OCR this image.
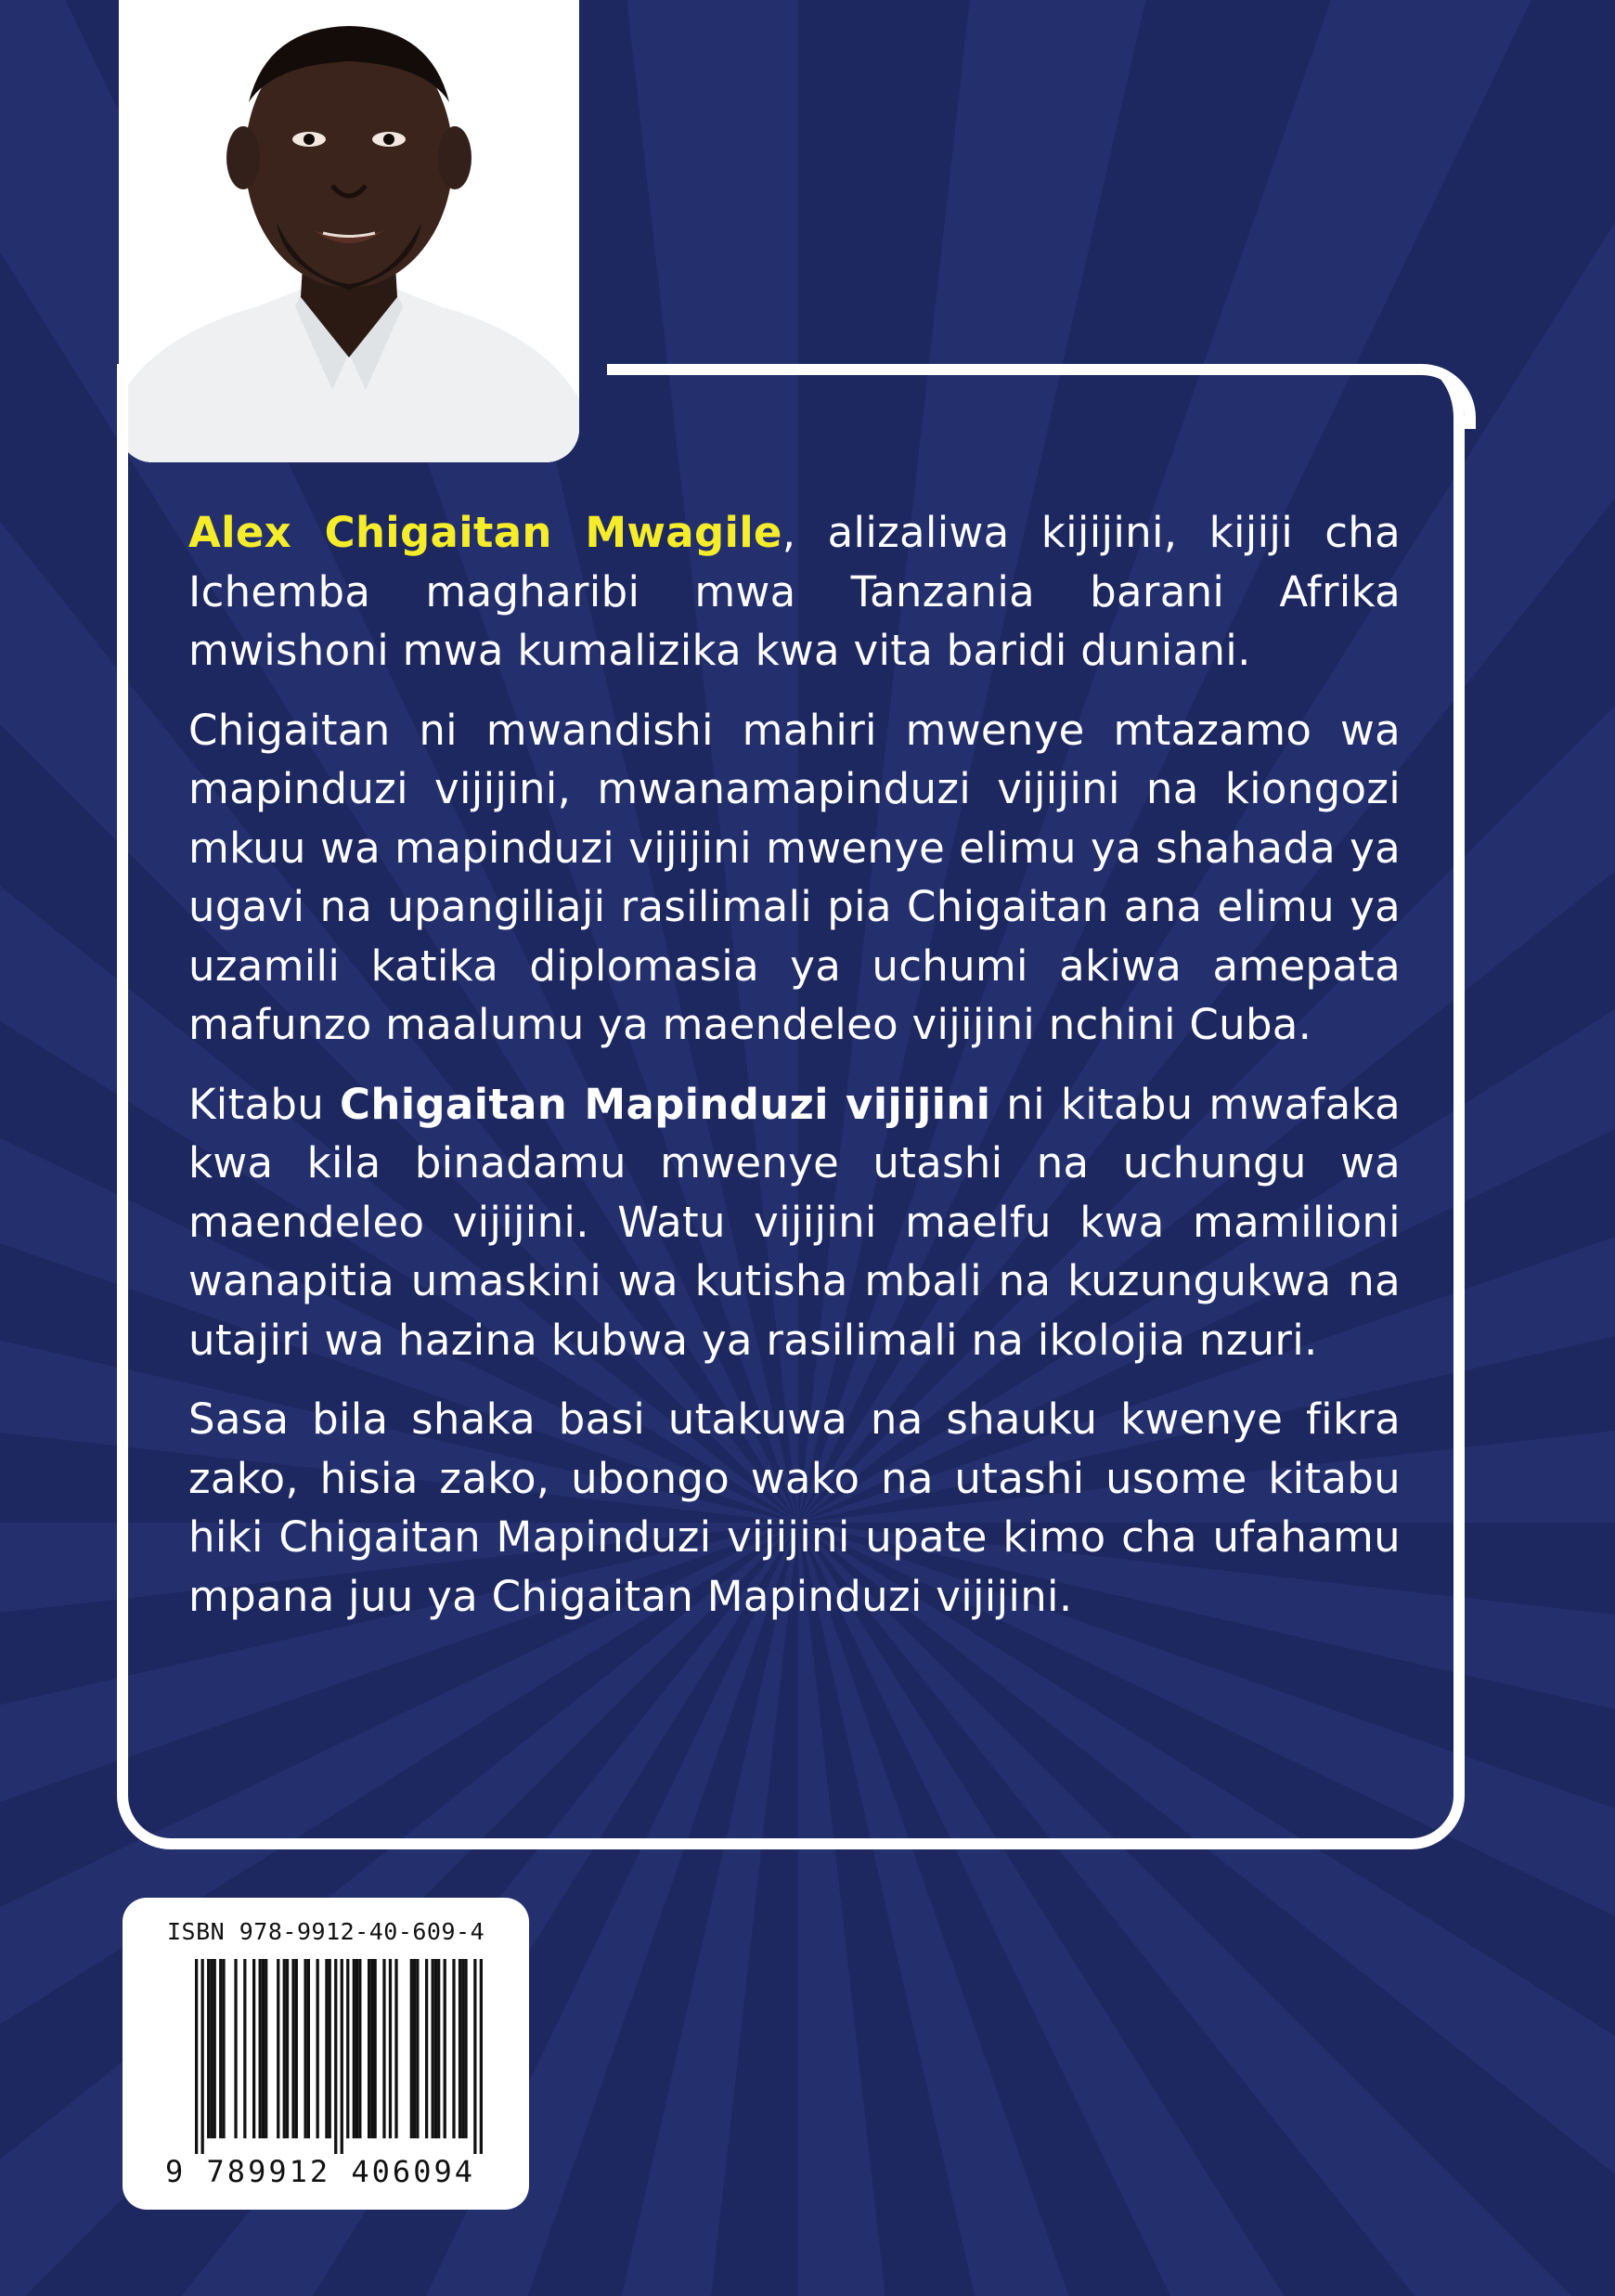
Alex Chigaitan Mwagile, alizaliwa kijijini, kijiji cha Ichemba magharibi mwa Tanzania barani Afrika mwishoni mwa kumalizika kwa vita baridi duniani.

Chigaitan ni mwandishi mahiri mwenye mtazamo wa mapinduzi vijijini, mwanamapinduzi vijijini na kiongozi mkuu wa mapinduzi vijijini mwenye elimu ya shahada ya ugavi na upangiliaji rasilimali pia Chigaitan ana elimu ya uzamili katika diplomasia ya uchumi akiwa amepata mafunzo maalumu ya maendeleo vijijini nchini Cuba.

Kitabu Chigaitan Mapinduzi vijijini ni kitabu mwafaka kwa kila binadamu mwenye utashi na uchungu wa maendeleo vijijini. Watu vijijini maelfu kwa mamilioni wanapitia umaskini wa kutisha mbali na kuzungukwa na utajiri wa hazina kubwa ya rasilimali na ikolojia nzuri.

Sasa bila shaka basi utakuwa na shauku kwenye fikra zako, hisia zako, ubongo wako na utashi usome kitabu hiki Chigaitan Mapinduzi vijijini upate kimo cha ufahamu mpana juu ya Chigaitan Mapinduzi vijijini.

ISBN 978-9912-40-609-4
9 789912 406094
